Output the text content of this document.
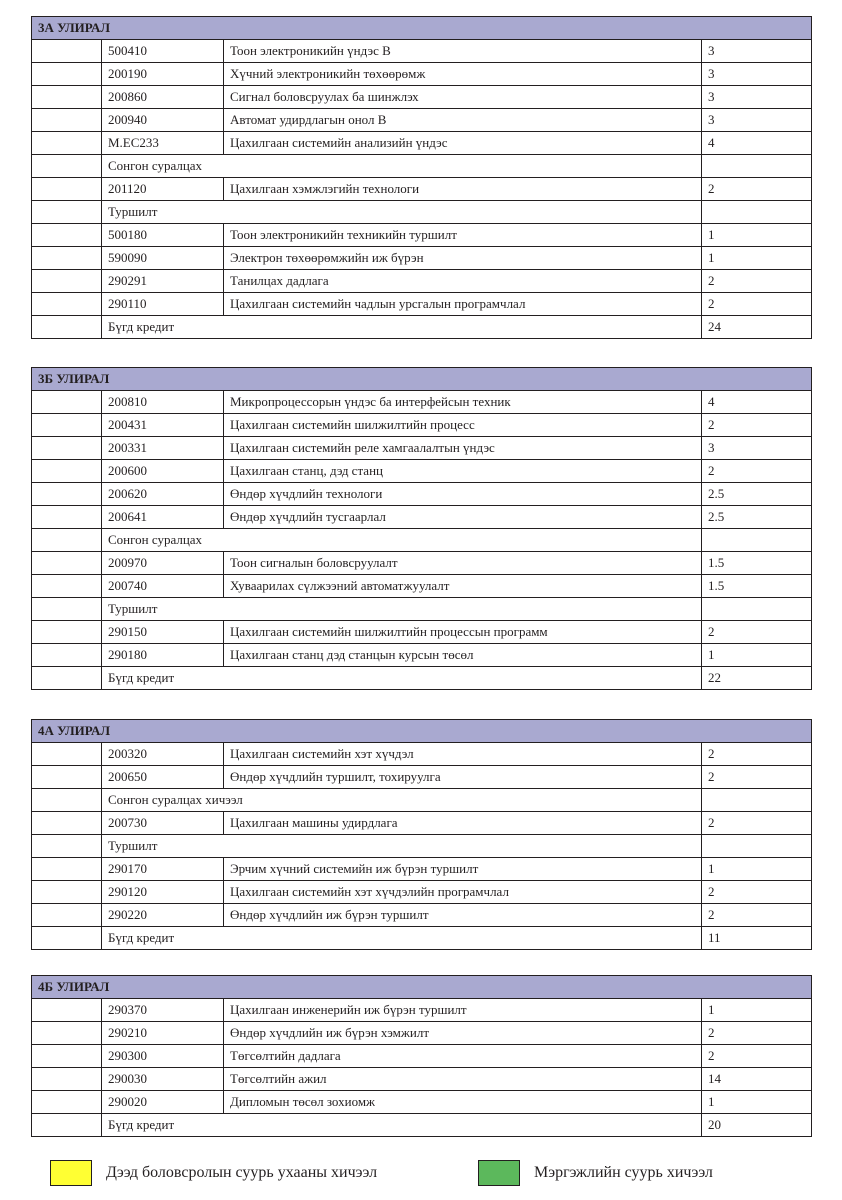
3А УЛИРАЛ			
	500410	Тоон электроникийн үндэс B	3
	200190	Хүчний электроникийн төхөөрөмж	3
	200860	Сигнал боловсруулах ба шинжлэх	3
	200940	Автомат удирдлагын онол B	3
	M.EC233	Цахилгаан системийн анализийн үндэс	4
	Сонгон суралцах		
	201120	Цахилгаан хэмжлэгийн технологи	2
	Туршилт		
	500180	Тоон электроникийн техникийн туршилт	1
	590090	Электрон төхөөрөмжийн иж бүрэн	1
	290291	Танилцах дадлага	2
	290110	Цахилгаан системийн чадлын урсгалын програмчлал	2
	Бүгд кредит		24
3Б УЛИРАЛ			
	200810	Микропроцессорын үндэс ба интерфейсын техник	4
	200431	Цахилгаан системийн шилжилтийн процесс	2
	200331	Цахилгаан системийн реле хамгаалалтын үндэс	3
	200600	Цахилгаан станц, дэд станц	2
	200620	Өндөр хүчдлийн технологи	2.5
	200641	Өндөр хүчдлийн тусгаарлал	2.5
	Сонгон суралцах		
	200970	Тоон сигналын боловсруулалт	1.5
	200740	Хуваарилах сүлжээний автоматжуулалт	1.5
	Туршилт		
	290150	Цахилгаан системийн шилжилтийн процессын программ	2
	290180	Цахилгаан станц дэд станцын курсын төсөл	1
	Бүгд кредит		22
4А УЛИРАЛ			
	200320	Цахилгаан системийн хэт хүчдэл	2
	200650	Өндөр хүчдлийн туршилт, тохируулга	2
	Сонгон суралцах хичээл		
	200730	Цахилгаан машины удирдлага	2
	Туршилт		
	290170	Эрчим хүчний системийн иж бүрэн туршилт	1
	290120	Цахилгаан системийн хэт хүчдэлийн програмчлал	2
	290220	Өндөр хүчдлийн иж бүрэн туршилт	2
	Бүгд кредит		11
4Б УЛИРАЛ			
	290370	Цахилгаан инженерийн иж бүрэн туршилт	1
	290210	Өндөр хүчдлийн иж бүрэн хэмжилт	2
	290300	Төгсөлтийн дадлага	2
	290030	Төгсөлтийн ажил	14
	290020	Дипломын төсөл зохиомж	1
	Бүгд кредит		20
Дээд боловсролын суурь ухааны хичээл	Мэргэжлийн суурь хичээл
